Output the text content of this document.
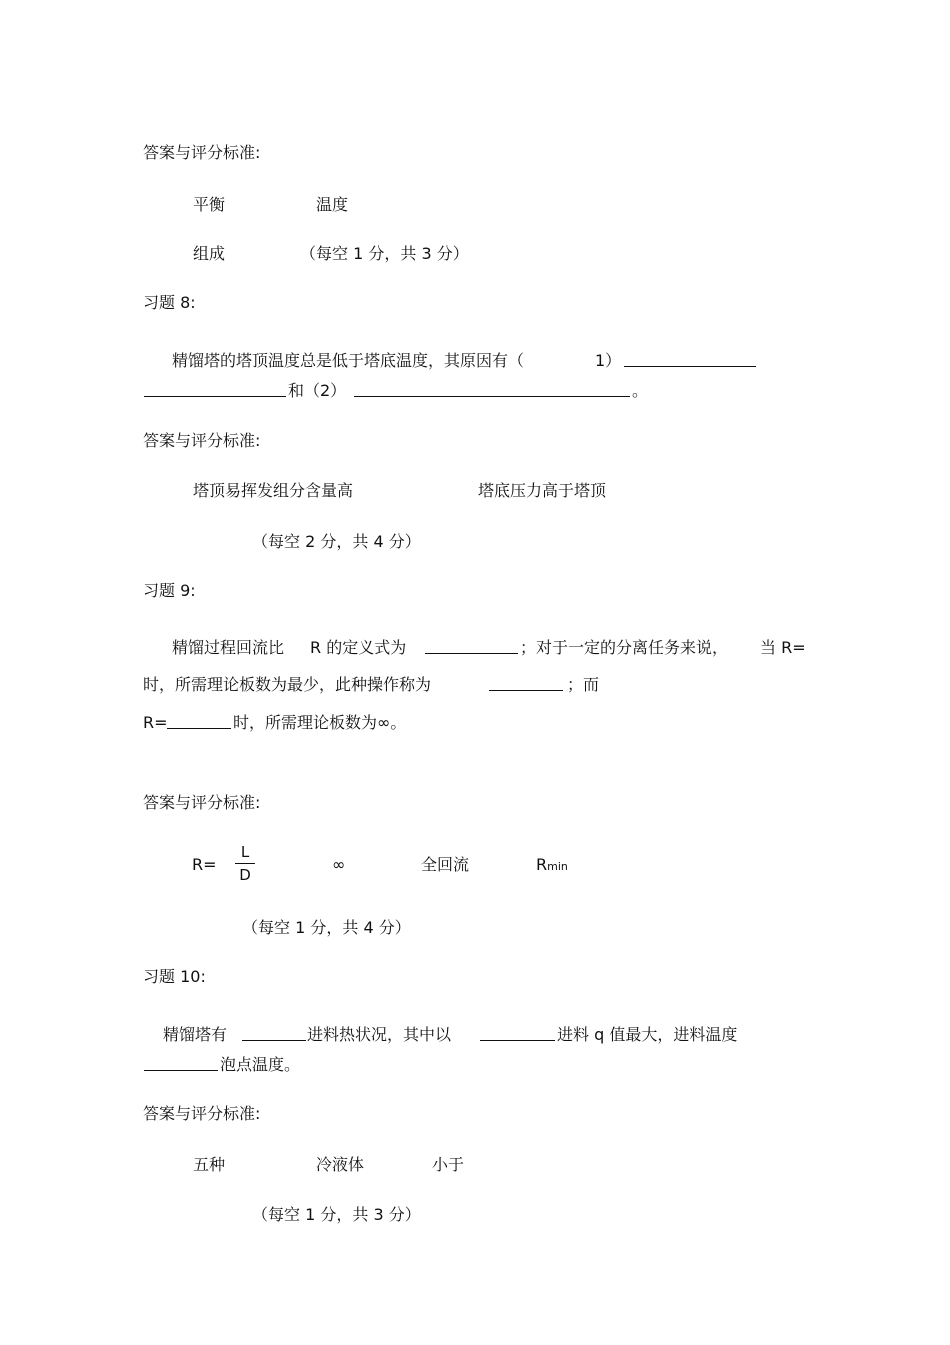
答案与评分标准:
平衡	温度
组成	（每空 1 分，共 3 分）
习题 8:
精馏塔的塔顶温度总是低于塔底温度，其原因有（	1）
和（2）	。
答案与评分标准:
塔顶易挥发组分含量高	塔底压力高于塔顶
（每空 2 分，共 4 分）
习题 9:
精馏过程回流比 R 的定义式为	；对于一定的分离任务来说， 当 R=
时，所需理论板数为最少，此种操作称为	；而
R=	时，所需理论板数为∞。
答案与评分标准:
R=
L
D
∞	全回流	Rmin
（每空 1 分，共 4 分）
习题 10:
精馏塔有	进料热状况，其中以	进料 q 值最大，进料温度
泡点温度。
答案与评分标准:
五种	冷液体	小于
（每空 1 分，共 3 分）
